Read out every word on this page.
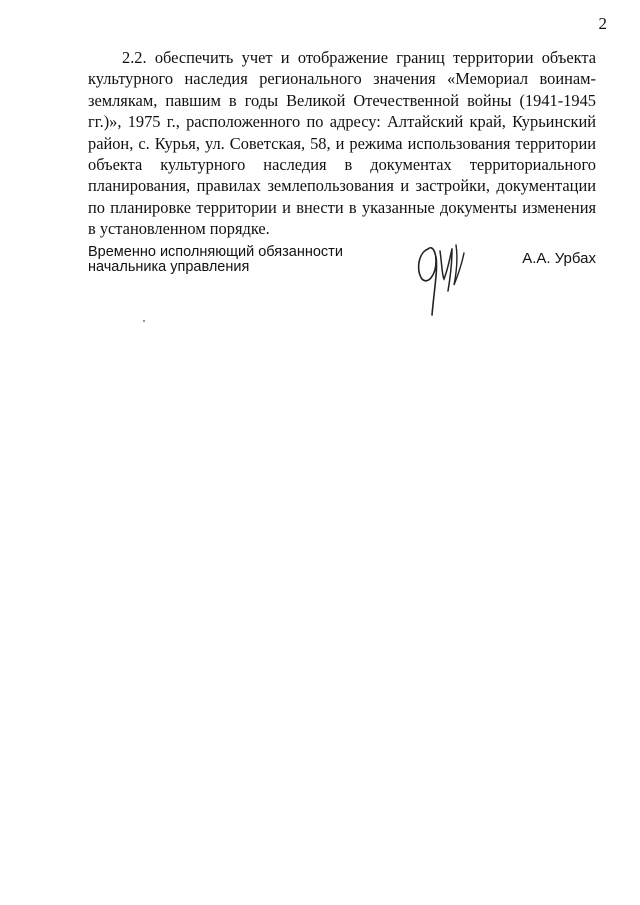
2

2.2. обеспечить учет и отображение границ территории объекта культурного наследия регионального значения «Мемориал воинам-землякам, павшим в годы Великой Отечественной войны (1941-1945 гг.)», 1975 г., расположенного по адресу: Алтайский край, Курьинский район, с. Курья, ул. Советская, 58, и режима использования территории объекта культурного наследия в документах территориального планирования, правилах землепользования и застройки, документации по планировке территории и внести в указанные документы изменения в установленном порядке.

Временно исполняющий обязанности
начальника управления	А.А. Урбах
